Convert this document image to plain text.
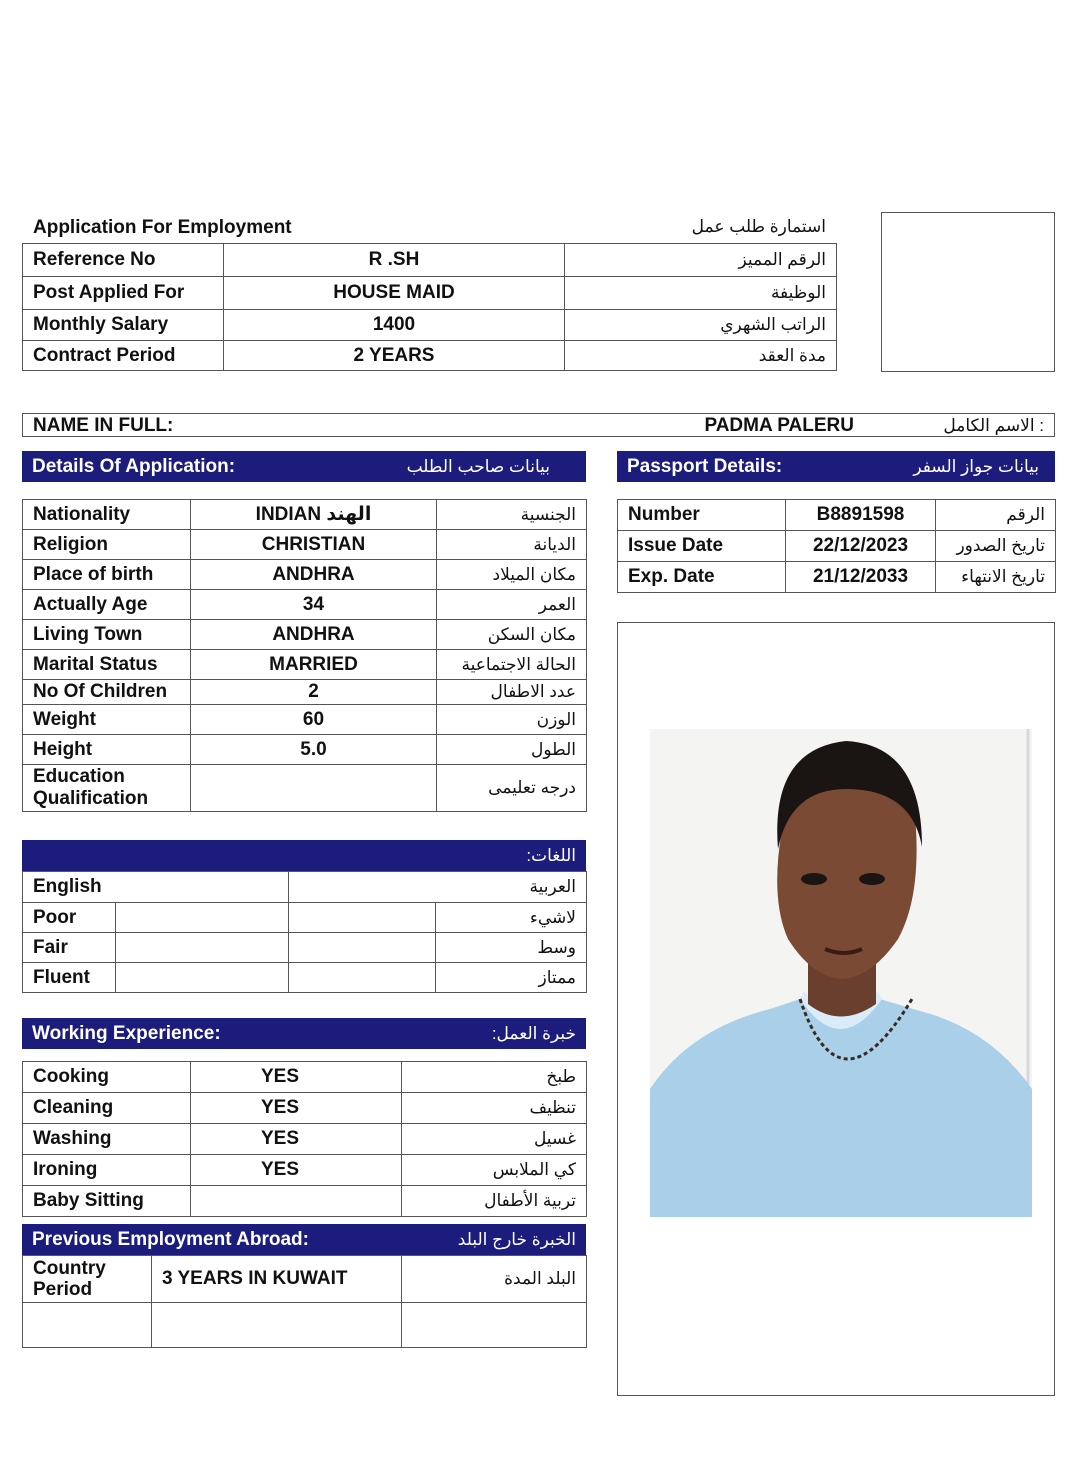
Application For Employment	استمارة طلب عمل
Reference No	R .SH	الرقم المميز
Post Applied For	HOUSE MAID	الوظيفة
Monthly Salary	1400	الراتب الشهري
Contract Period	2 YEARS	مدة العقد
NAME IN FULL:	PADMA PALERU	: الاسم الكامل
Details Of Application:	بيانات صاحب الطلب
Nationality	INDIAN الهند	الجنسية
Religion	CHRISTIAN	الديانة
Place of birth	ANDHRA	مكان الميلاد
Actually Age	34	العمر
Living Town	ANDHRA	مكان السكن
Marital Status	MARRIED	الحالة الاجتماعية
No Of Children	2	عدد الاطفال
Weight	60	الوزن
Height	5.0	الطول

Education
Qualification		درجه تعليمى
Passport Details:	بيانات جواز السفر
Number	B8891598	الرقم
Issue Date	22/12/2023	تاريخ الصدور
Exp. Date	21/12/2033	تاريخ الانتهاء
اللغات:
English		العربية	
Poor			لاشيء
Fair			وسط
Fluent			ممتاز
Working Experience:	خبرة العمل:
Cooking	YES	طبخ
Cleaning	YES	تنظيف
Washing	YES	غسيل
Ironing	YES	كي الملابس
Baby Sitting		تربية الأطفال
Previous Employment Abroad:	الخبرة خارج البلد
Country
Period	3 YEARS IN KUWAIT	البلد المدة
